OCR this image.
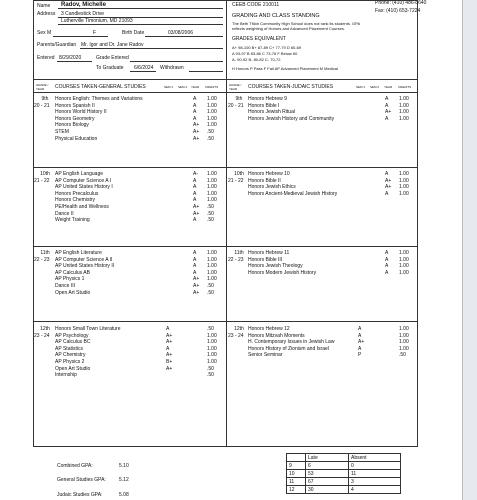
Name Radov, Michelle
Address 3 Candlestick Drive
Lutherville Timonium, MD 21093
Sex M	F	Birth Date	03/08/2006
Parents/Guardian Mr. Igor and Dr. Jane Radov
Entered 8/29/2020	Grade Entered
To Graduate 6/6/2024 Withdrawn
CEEB CODE 210011	Phone: (410) 486-8640
Fax: (410) 653-7224
GRADING AND CLASS STANDING
The Beth Tfiloh Community High School does not rank its students. GPA
reflects weighting of Honors and Advanced Placement Courses.
GRADES EQUIVALENT
A+ 98-100 B+ 87-89 C+ 77-79 D 60-69
A 93-97 B 83-86 C 73-76 F Below 60
A- 90-92 B- 80-82 C- 70-72
H Honors P Pass F Fail AP Advanced Placement M Medical
GRADE / YEAR	COURSES TAKEN-GENERAL STUDIES	SEM 1 SEM 2 YEAR CREDITS	GRADE / YEAR	COURSES TAKEN-JUDAIC STUDIES	SEM 1 SEM 2 YEAR CREDITS
9th
20 - 21
Honors English: Themes and Variations	A 1.00
Honors Spanish II	A 1.00
Honors World History II	A 1.00
Honors Geometry	A 1.00
Honors Biology	A+ 1.00
STEM	A+ .50
Physical Education	A+ .50
10th
21 - 22
AP English Language	A- 1.00
AP Computer Science A I	A 1.00
AP United States History I	A 1.00
Honors Precalculus	A 1.00
Honors Chemistry	A 1.00
PE/Health and Wellness	A+ .50
Dance II	A+ .50
Weight Training	A .50
11th
22 - 23
AP English Literature	A 1.00
AP Computer Science A II	A 1.00
AP United States History II	A 1.00
AP Calculus AB	A 1.00
AP Physics 1	A+ 1.00
Dance III	A+ .50
Open Art Studio	A+ .50
12th
23 - 24
Honors Small Town Literature	A	.50
AP Psychology	A+	1.00
AP Calculus BC	A+	1.00
AP Statistics	A	1.00
AP Chemistry	A+	1.00
AP Physics 2	B+	1.00
Open Art Studio	A+	.50
Internship	.50
9th
20 - 21
Honors Hebrew 9	A 1.00
Honors Bible I	A 1.00
Honors Jewish Ritual	A+ 1.00
Honors Jewish History and Community	A 1.00
10th
21 - 22
Honors Hebrew 10	A 1.00
Honors Bible II	A+ 1.00
Honors Jewish Ethics	A+ 1.00
Honors Ancient-Medieval Jewish History	A 1.00
11th
22 - 23
Honors Hebrew 11	A 1.00
Honors Bible III	A 1.00
Honors Jewish Theology	A 1.00
Honors Modern Jewish History	A 1.00
12th
23 - 24
Honors Hebrew 12	A	1.00
Honors Mitzvah Moments	A	1.00
H. Contemporary Issues in Jewish Law	A+	1.00
Honors History of Zionism and Israel	A	1.00
Senior Seminar	P	.50
Combined GPA:	5.10
General Studies GPA:	5.12
Judaic Studies GPA:	5.08
	Late	Absent
9	6	0
10	53	11
11	67	3
12	30	4
